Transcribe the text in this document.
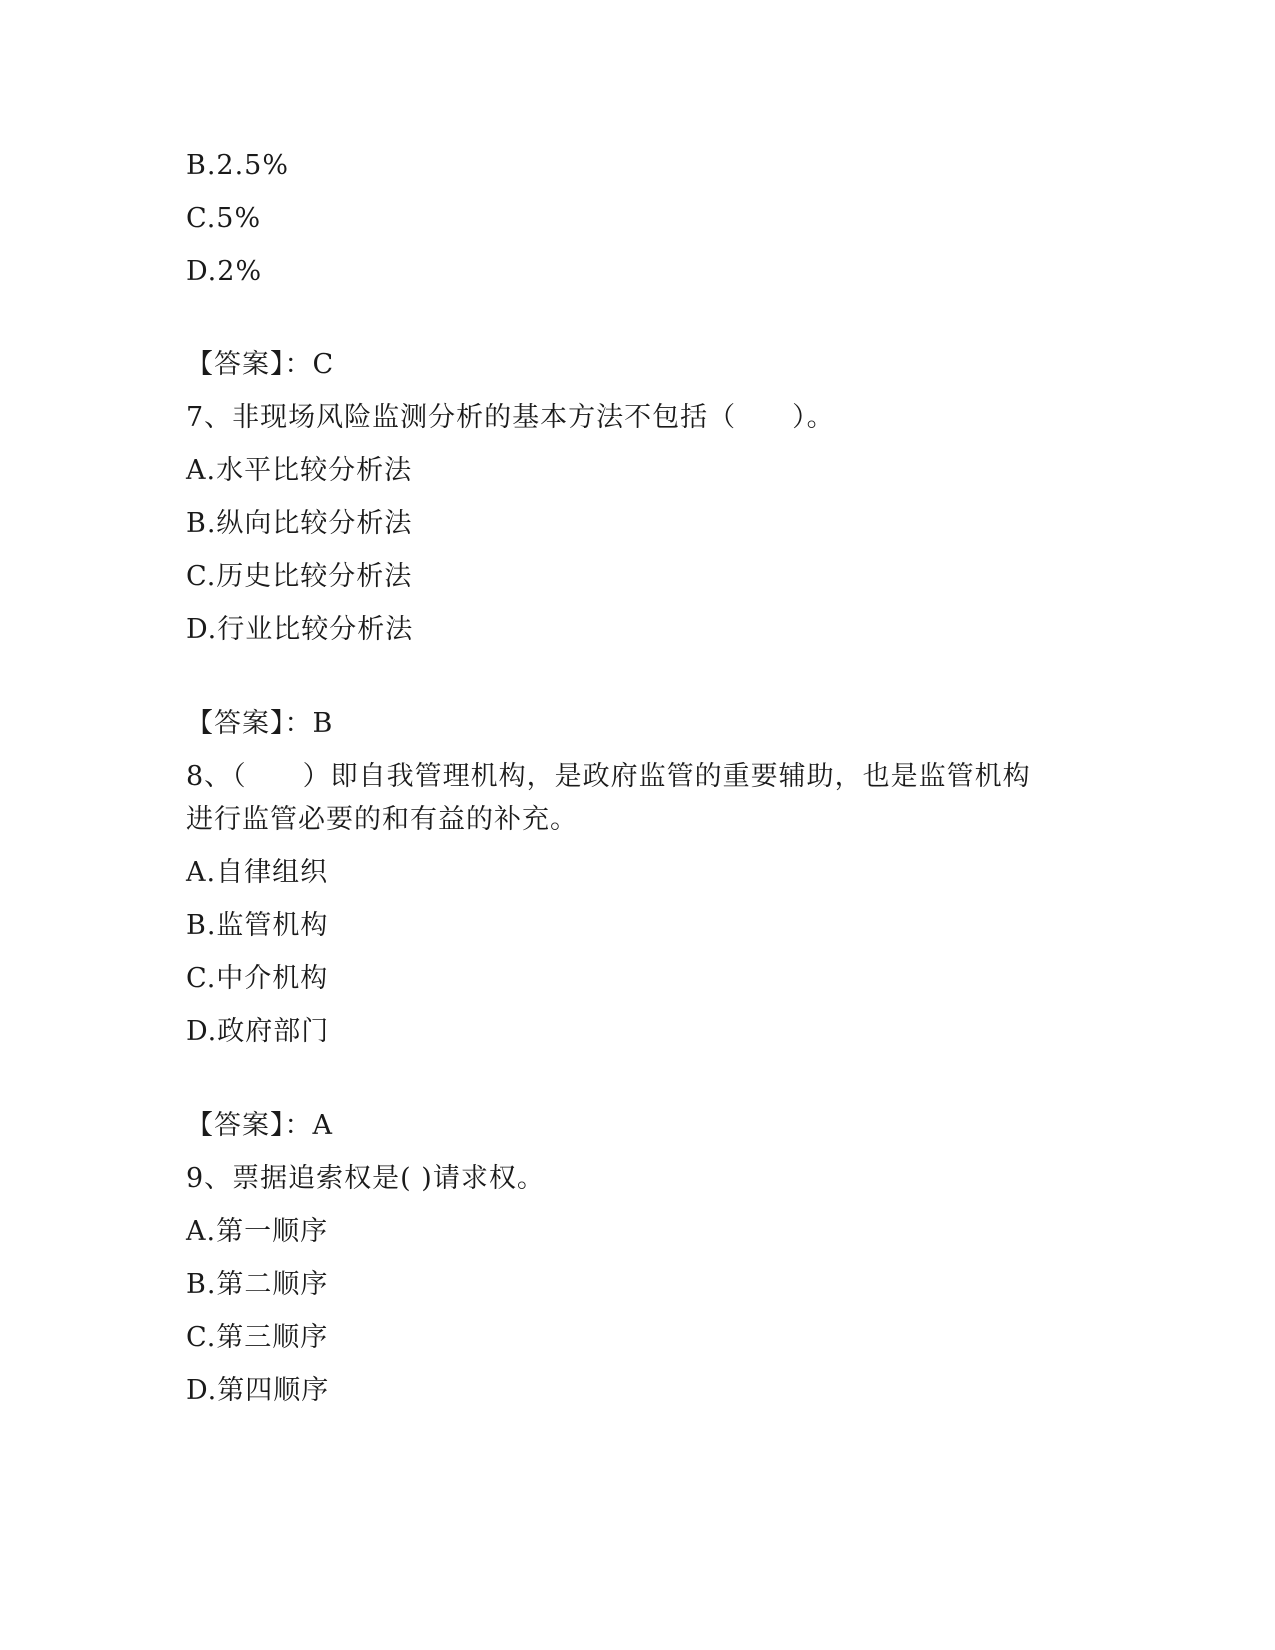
B.2.5%
C.5%
D.2%
【答案】：C
7、非现场风险监测分析的基本方法不包括（　　）。
A.水平比较分析法
B.纵向比较分析法
C.历史比较分析法
D.行业比较分析法
【答案】：B
8、（　　）即自我管理机构，是政府监管的重要辅助，也是监管机构
进行监管必要的和有益的补充。
A.自律组织
B.监管机构
C.中介机构
D.政府部门
【答案】：A
9、票据追索权是( )请求权。
A.第一顺序
B.第二顺序
C.第三顺序
D.第四顺序
